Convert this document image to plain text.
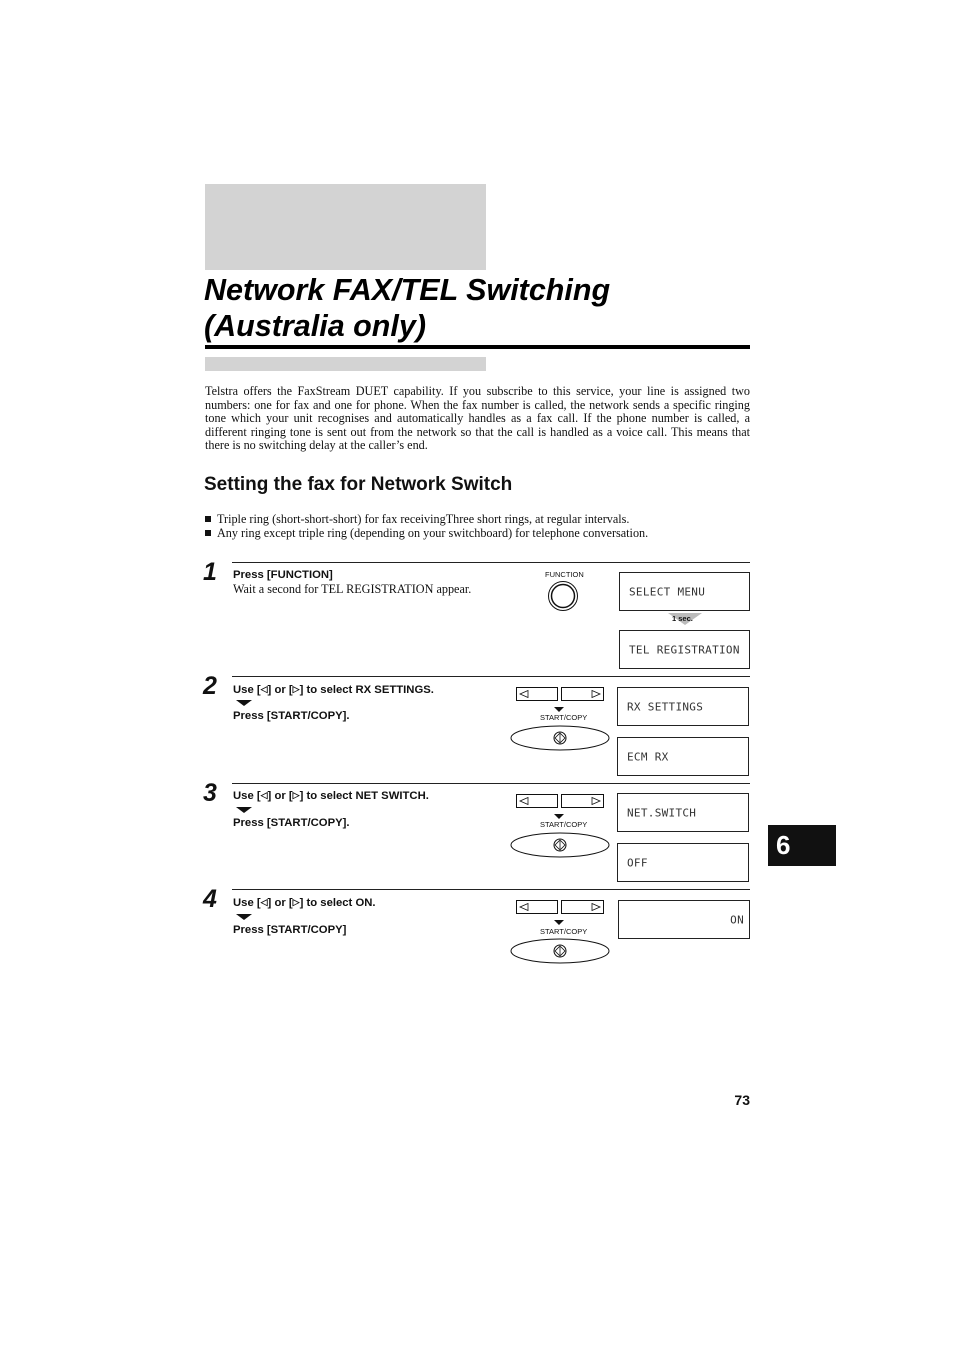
Network FAX/TEL Switching
(Australia only)
Telstra offers the FaxStream DUET capability. If you subscribe to this service, your line is assigned two numbers: one for fax and one for phone. When the fax number is called, the network sends a specific ringing tone which your unit recognises and automatically handles as a fax call. If the phone number is called, a different ringing tone is sent out from the network so that the call is handled as a voice call. This means that there is no switching delay at the caller’s end.
Setting the fax for Network Switch
Triple ring (short-short-short) for fax receivingThree short rings, at regular intervals.
Any ring except triple ring (depending on your switchboard) for telephone conversation.
1 Press [FUNCTION]
Wait a second for TEL REGISTRATION appear.
FUNCTION
SELECT MENU
1 sec.
TEL REGISTRATION
2 Use [◁] or [▷] to select RX SETTINGS.
Press [START/COPY].	START/COPY
RX SETTINGS
ECM RX
3 Use [◁] or [▷] to select NET SWITCH.
Press [START/COPY].	START/COPY
NET.SWITCH
OFF
4 Use [◁] or [▷] to select ON.
Press [START/COPY]	START/COPY
ON
6
73
